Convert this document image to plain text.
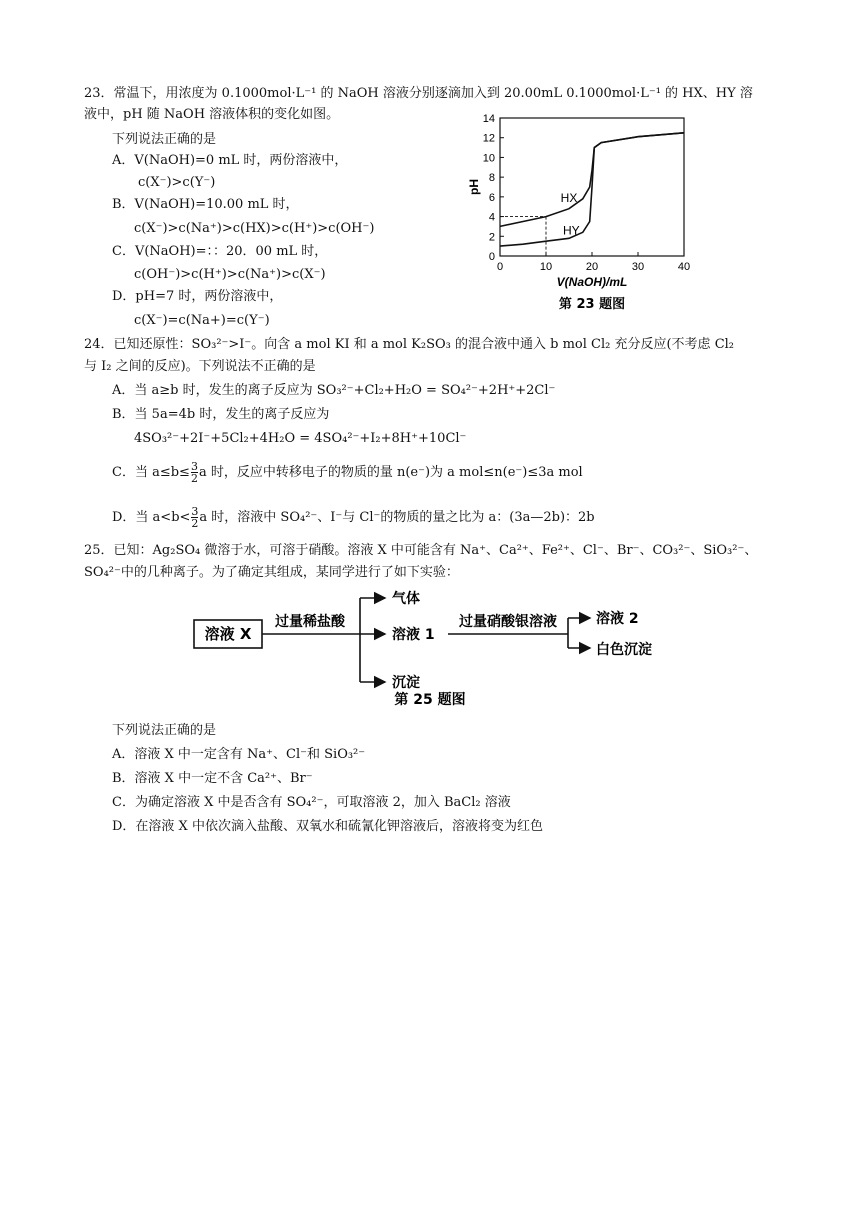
23．常温下，用浓度为 0.1000mol·L⁻¹ 的 NaOH 溶液分别逐滴加入到 20.00mL 0.1000mol·L⁻¹ 的 HX、HY 溶
液中，pH 随 NaOH 溶液体积的变化如图。
下列说法正确的是
A．V(NaOH)=0 mL 时，两份溶液中，
c(X⁻)>c(Y⁻)
B．V(NaOH)=10.00 mL 时，
c(X⁻)>c(Na⁺)>c(HX)>c(H⁺)>c(OH⁻)
C．V(NaOH)=：：20．00 mL 时，
c(OH⁻)>c(H⁺)>c(Na⁺)>c(X⁻)
D．pH=7 时，两份溶液中，
c(X⁻)=c(Na+)=c(Y⁻)
0
2
4
6
8
10
12
14
0	10	20	30	40
pH
V(NaOH)/mL
HX
HY
第 23 题图
24．已知还原性：SO₃²⁻>I⁻。向含 a mol KI 和 a mol K₂SO₃ 的混合液中通入 b mol Cl₂ 充分反应(不考虑 Cl₂
与 I₂ 之间的反应)。下列说法不正确的是
A．当 a≥b 时，发生的离子反应为 SO₃²⁻+Cl₂+H₂O = SO₄²⁻+2H⁺+2Cl⁻
B．当 5a=4b 时，发生的离子反应为
4SO₃²⁻+2I⁻+5Cl₂+4H₂O = 4SO₄²⁻+I₂+8H⁺+10Cl⁻
C．当 $a\le b\le \frac{3}{2}$ a 时，反应中转移电子的物质的量 n(e⁻)为 a mol≤n(e⁻)≤3a mol
D．当 $a<b< \frac{3}{2}$ a 时，溶液中 SO₄²⁻、I⁻与 Cl⁻的物质的量之比为 a：(3a—2b)：2b
25．已知：Ag₂SO₄ 微溶于水，可溶于硝酸。溶液 X 中可能含有 Na⁺、Ca²⁺、Fe²⁺、Cl⁻、Br⁻、CO₃²⁻、SiO₃²⁻、
SO₄²⁻中的几种离子。为了确定其组成，某同学进行了如下实验：
溶液 X
过量稀盐酸
气体
溶液 1
沉淀
过量硝酸银溶液	溶液 2
白色沉淀
第 25 题图
下列说法正确的是
A．溶液 X 中一定含有 Na⁺、Cl⁻和 SiO₃²⁻
B．溶液 X 中一定不含 Ca²⁺、Br⁻
C．为确定溶液 X 中是否含有 SO₄²⁻，可取溶液 2，加入 BaCl₂ 溶液
D．在溶液 X 中依次滴入盐酸、双氧水和硫氰化钾溶液后，溶液将变为红色
